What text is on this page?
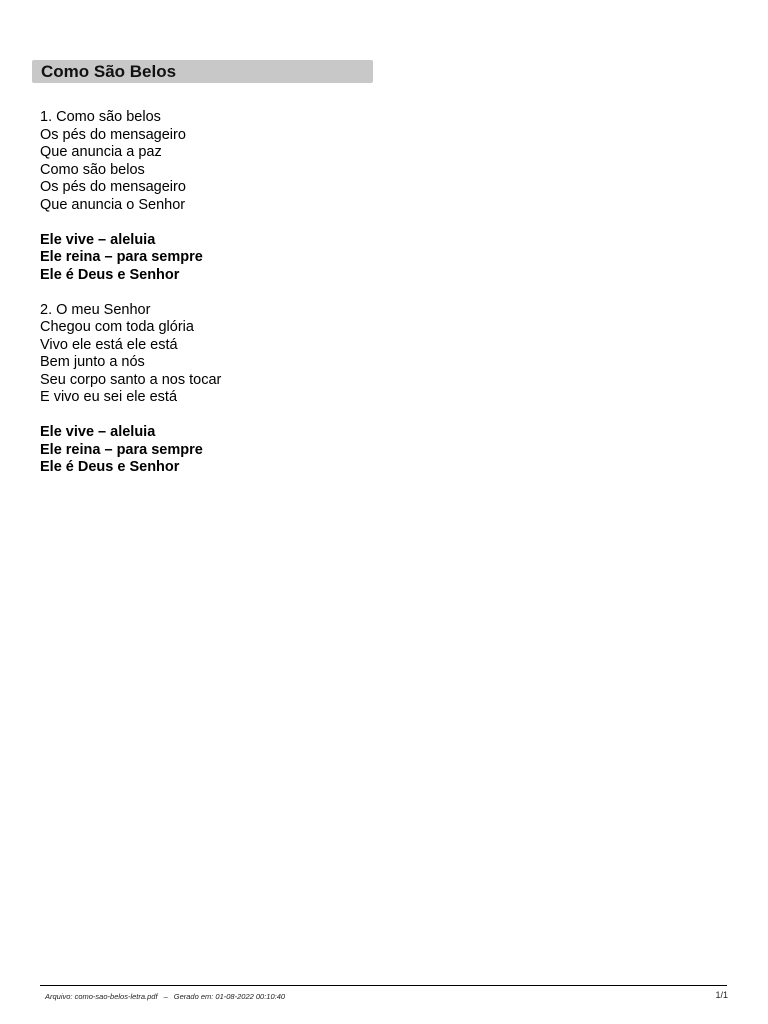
Como São Belos
1. Como são belos
Os pés do mensageiro
Que anuncia a paz
Como são belos
Os pés do mensageiro
Que anuncia o Senhor
Ele vive – aleluia
Ele reina – para sempre
Ele é Deus e Senhor
2. O meu Senhor
Chegou com toda glória
Vivo ele está ele está
Bem junto a nós
Seu corpo santo a nos tocar
E vivo eu sei ele está
Ele vive – aleluia
Ele reina – para sempre
Ele é Deus e Senhor
Arquivo: como-sao-belos-letra.pdf – Gerado em: 01-08-2022 00:10:40	1/1
